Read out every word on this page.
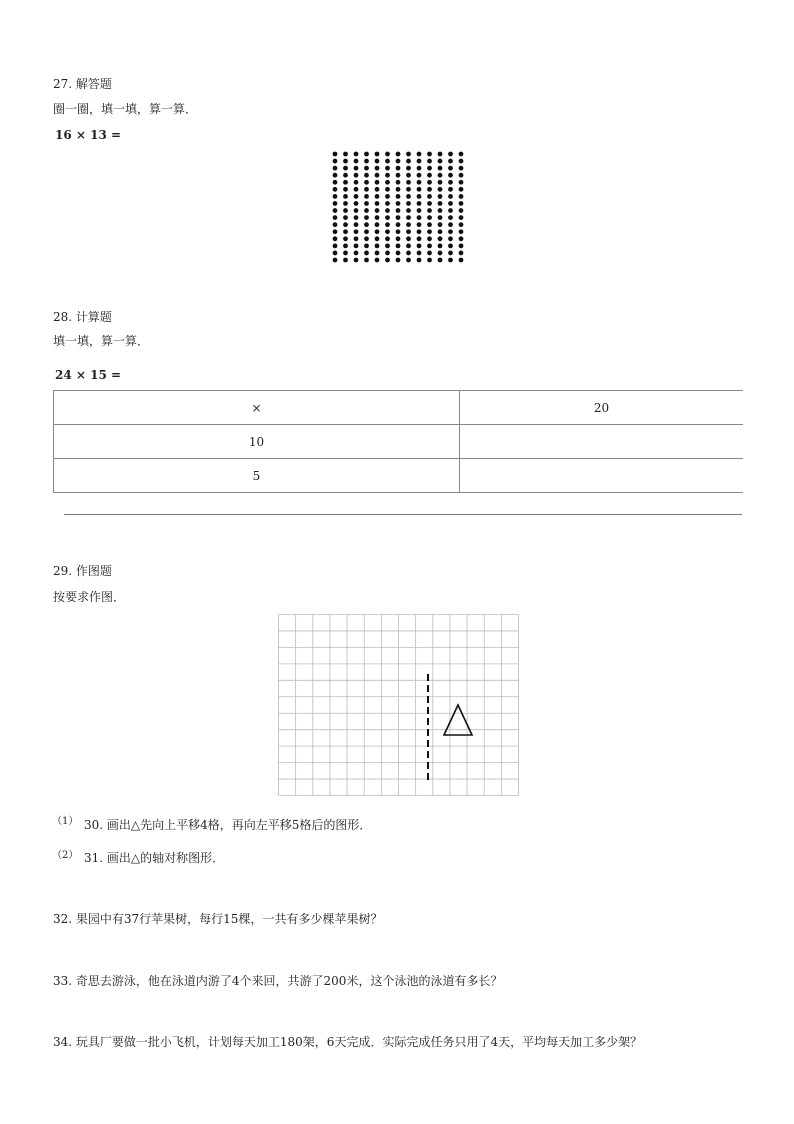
27. 解答题
圈一圈，填一填，算一算．
16 × 13 =
28. 计算题
填一填，算一算．
24 × 15 =
×	20
10	
5	
29. 作图题
按要求作图．
（1） 30. 画出△先向上平移4格，再向左平移5格后的图形．
（2） 31. 画出△的轴对称图形．
32. 果园中有37行苹果树，每行15棵，一共有多少棵苹果树？
33. 奇思去游泳，他在泳道内游了4个来回，共游了200米，这个泳池的泳道有多长？
34. 玩具厂要做一批小飞机，计划每天加工180架，6天完成．实际完成任务只用了4天，平均每天加工多少架？
